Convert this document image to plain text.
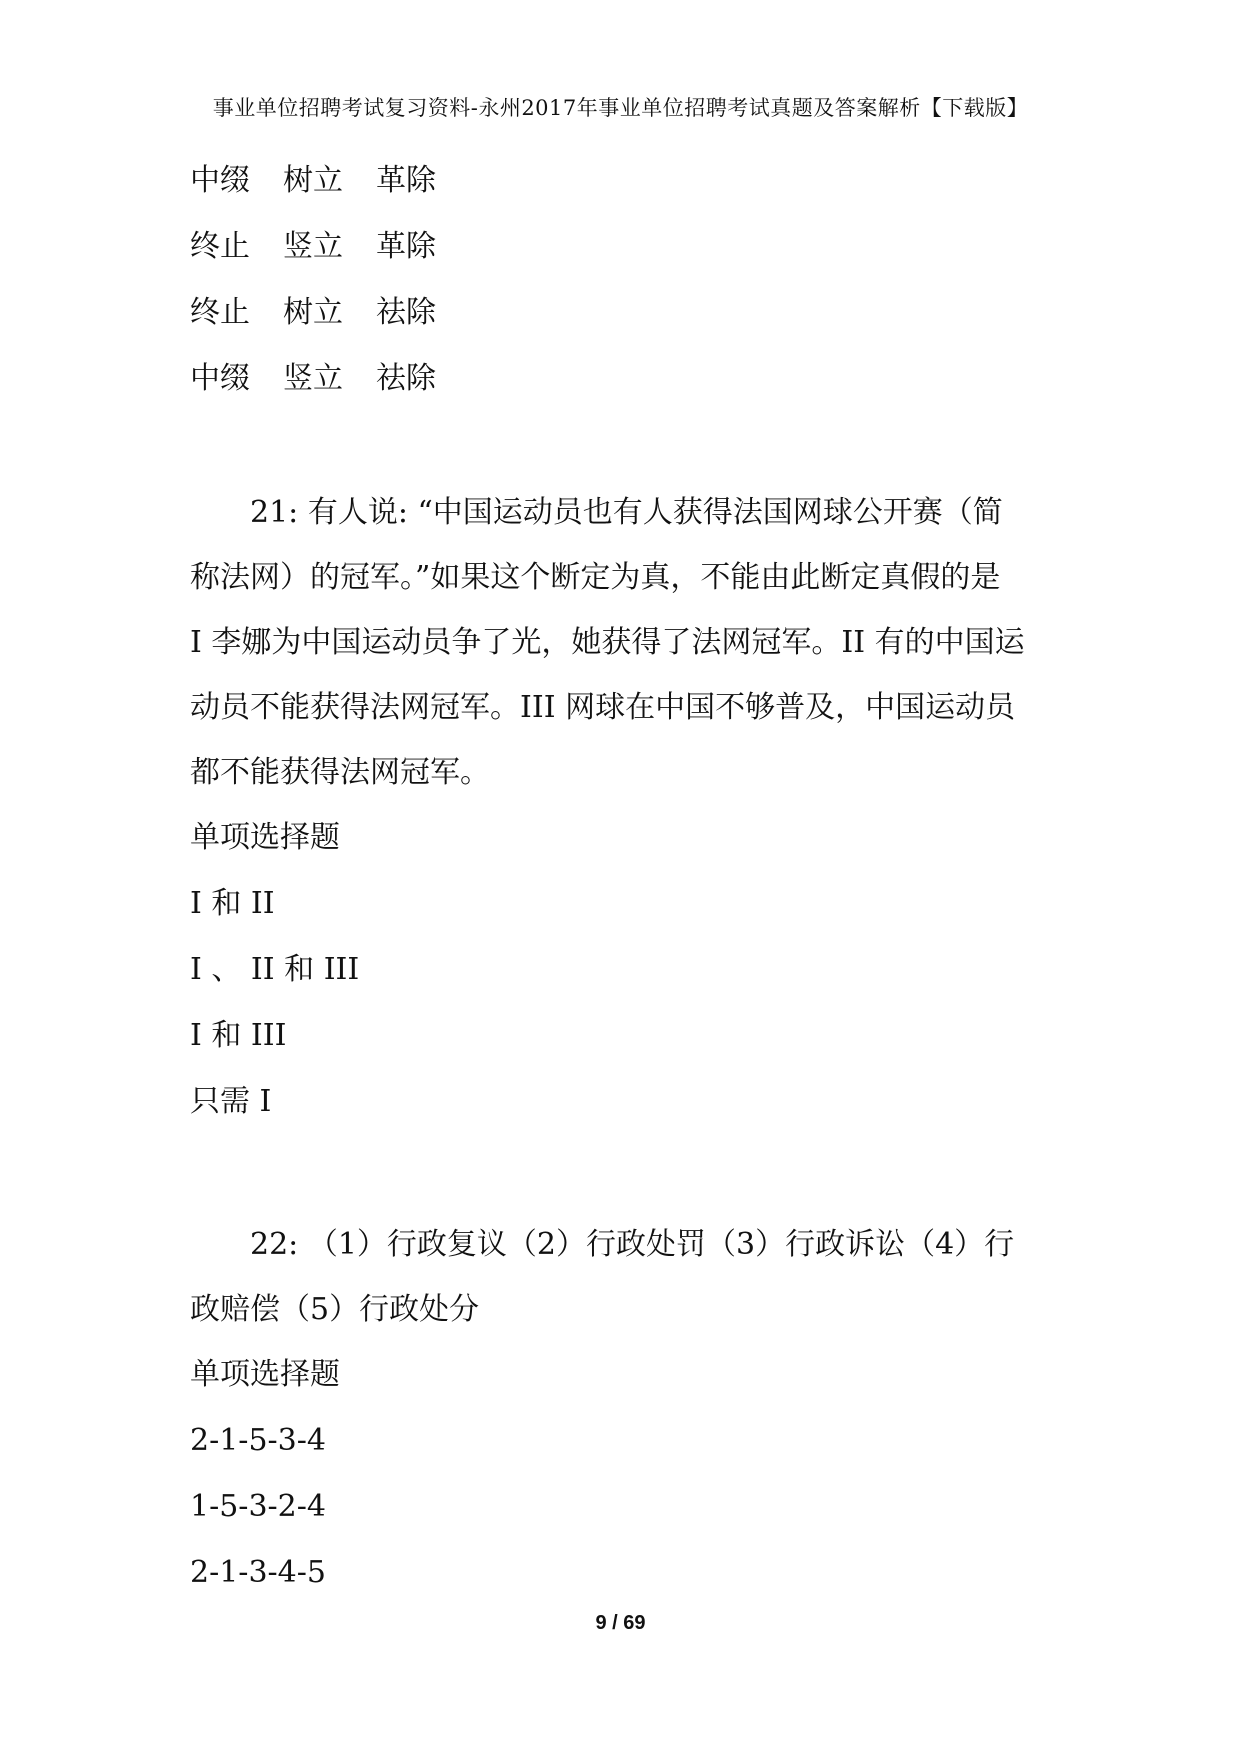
事业单位招聘考试复习资料-永州2017年事业单位招聘考试真题及答案解析【下载版】
中缀 树立 革除
终止 竖立 革除
终止 树立 祛除
中缀 竖立 祛除

21: 有人说: “中国运动员也有人获得法国网球公开赛（简

称法网）的冠军。”如果这个断定为真，不能由此断定真假的是

I 李娜为中国运动员争了光，她获得了法网冠军。II 有的中国运

动员不能获得法网冠军。III 网球在中国不够普及，中国运动员

都不能获得法网冠军。

单项选择题
I 和 II
I 、 II 和 III
I 和 III
只需 I

22: （1）行政复议（2）行政处罚（3）行政诉讼（4）行

政赔偿（5）行政处分

单项选择题
2-1-5-3-4
1-5-3-2-4
2-1-3-4-5
9 / 69
